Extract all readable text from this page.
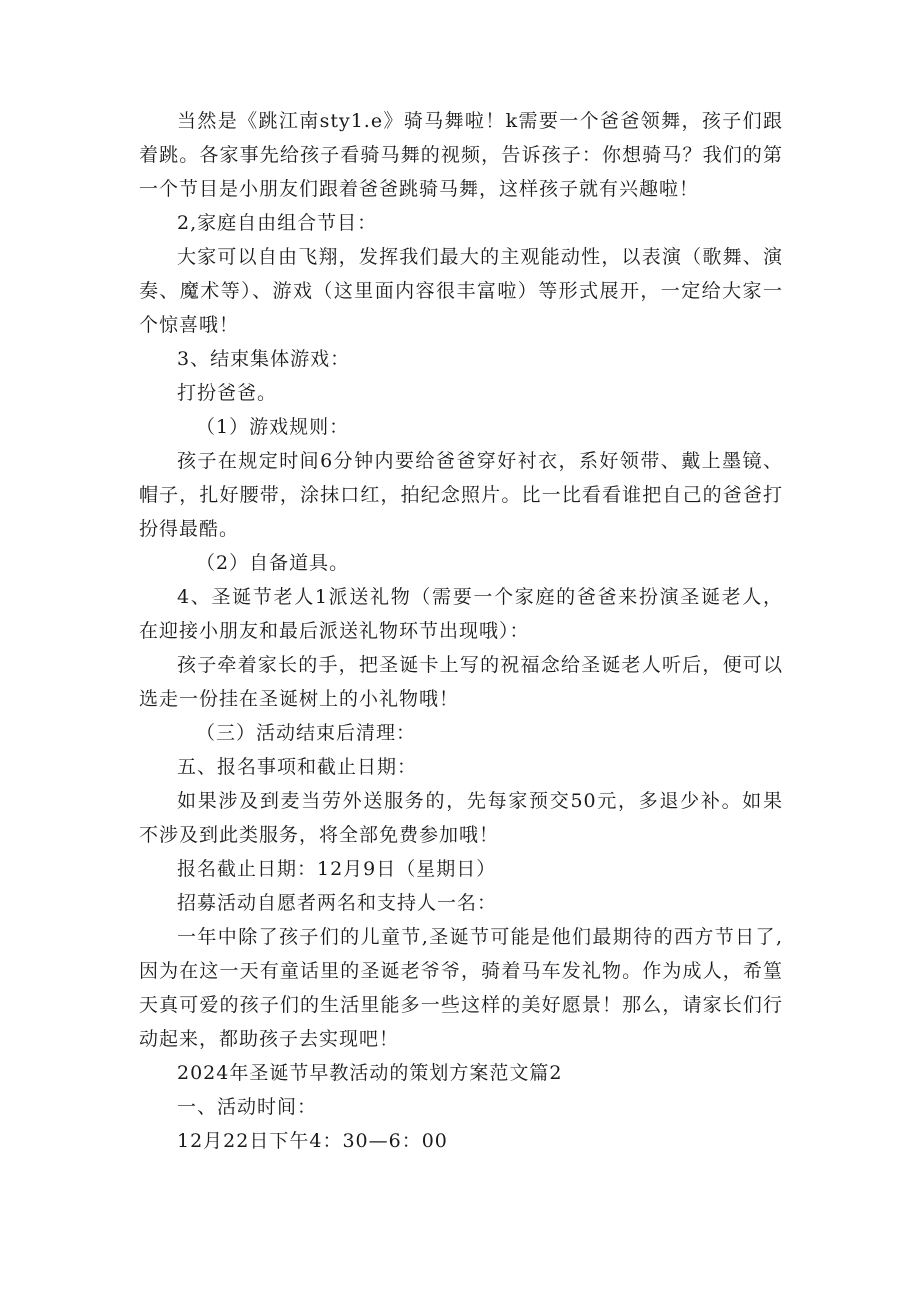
当然是《跳江南sty1.e》骑马舞啦！k需要一个爸爸领舞，孩子们跟着跳。各家事先给孩子看骑马舞的视频，告诉孩子：你想骑马？我们的第一个节目是小朋友们跟着爸爸跳骑马舞，这样孩子就有兴趣啦！

2,家庭自由组合节目：

大家可以自由飞翔，发挥我们最大的主观能动性，以表演（歌舞、演奏、魔术等）、游戏（这里面内容很丰富啦）等形式展开，一定给大家一个惊喜哦！

3、结束集体游戏：

打扮爸爸。

（1）游戏规则：

孩子在规定时间6分钟内要给爸爸穿好衬衣，系好领带、戴上墨镜、帽子，扎好腰带，涂抹口红，拍纪念照片。比一比看看谁把自己的爸爸打扮得最酷。

（2）自备道具。

4、圣诞节老人1派送礼物（需要一个家庭的爸爸来扮演圣诞老人，在迎接小朋友和最后派送礼物环节出现哦）：

孩子牵着家长的手，把圣诞卡上写的祝福念给圣诞老人听后，便可以选走一份挂在圣诞树上的小礼物哦！

（三）活动结束后清理：

五、报名事项和截止日期：

如果涉及到麦当劳外送服务的，先每家预交50元，多退少补。如果不涉及到此类服务，将全部免费参加哦！

报名截止日期：12月9日（星期日）

招募活动自愿者两名和支持人一名：

一年中除了孩子们的儿童节,圣诞节可能是他们最期待的西方节日了,因为在这一天有童话里的圣诞老爷爷，骑着马车发礼物。作为成人，希篁天真可爱的孩子们的生活里能多一些这样的美好愿景！那么，请家长们行动起来，都助孩子去实现吧！

2024年圣诞节早教活动的策划方案范文篇2

一、活动时间：

12月22日下午4：30—6：00
